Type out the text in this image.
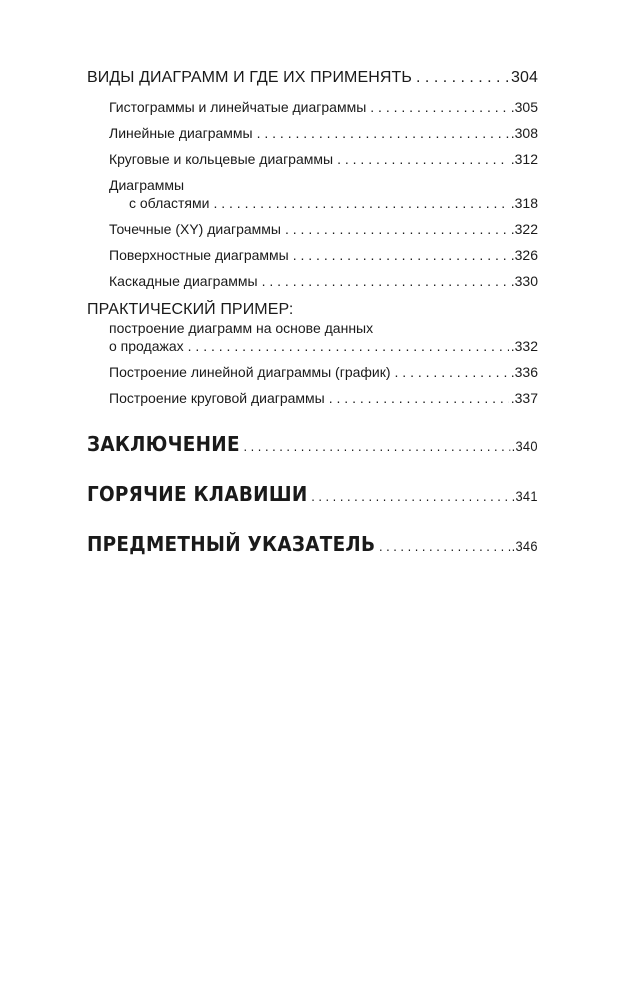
ВИДЫ ДИАГРАММ И ГДЕ ИХ ПРИМЕНЯТЬ . . .	304
Гистограммы и линейчатые диаграммы . . .	.305
Линейные диаграммы . . .	.308
Круговые и кольцевые диаграммы . . .	.312
Диаграммы
с областями . . .	.318
Точечные (XY) диаграммы . . .	.322
Поверхностные диаграммы . . .	.326
Каскадные диаграммы . . .	.330
ПРАКТИЧЕСКИЙ ПРИМЕР:
построение диаграмм на основе данных
о продажах . . .	.332
Построение линейной диаграммы (график) . . .	.336
Построение круговой диаграммы . . .	.337
ЗАКЛЮЧЕНИЕ . . .	.340
ГОРЯЧИЕ КЛАВИШИ . . .	.341
ПРЕДМЕТНЫЙ УКАЗАТЕЛЬ . . .	.346
